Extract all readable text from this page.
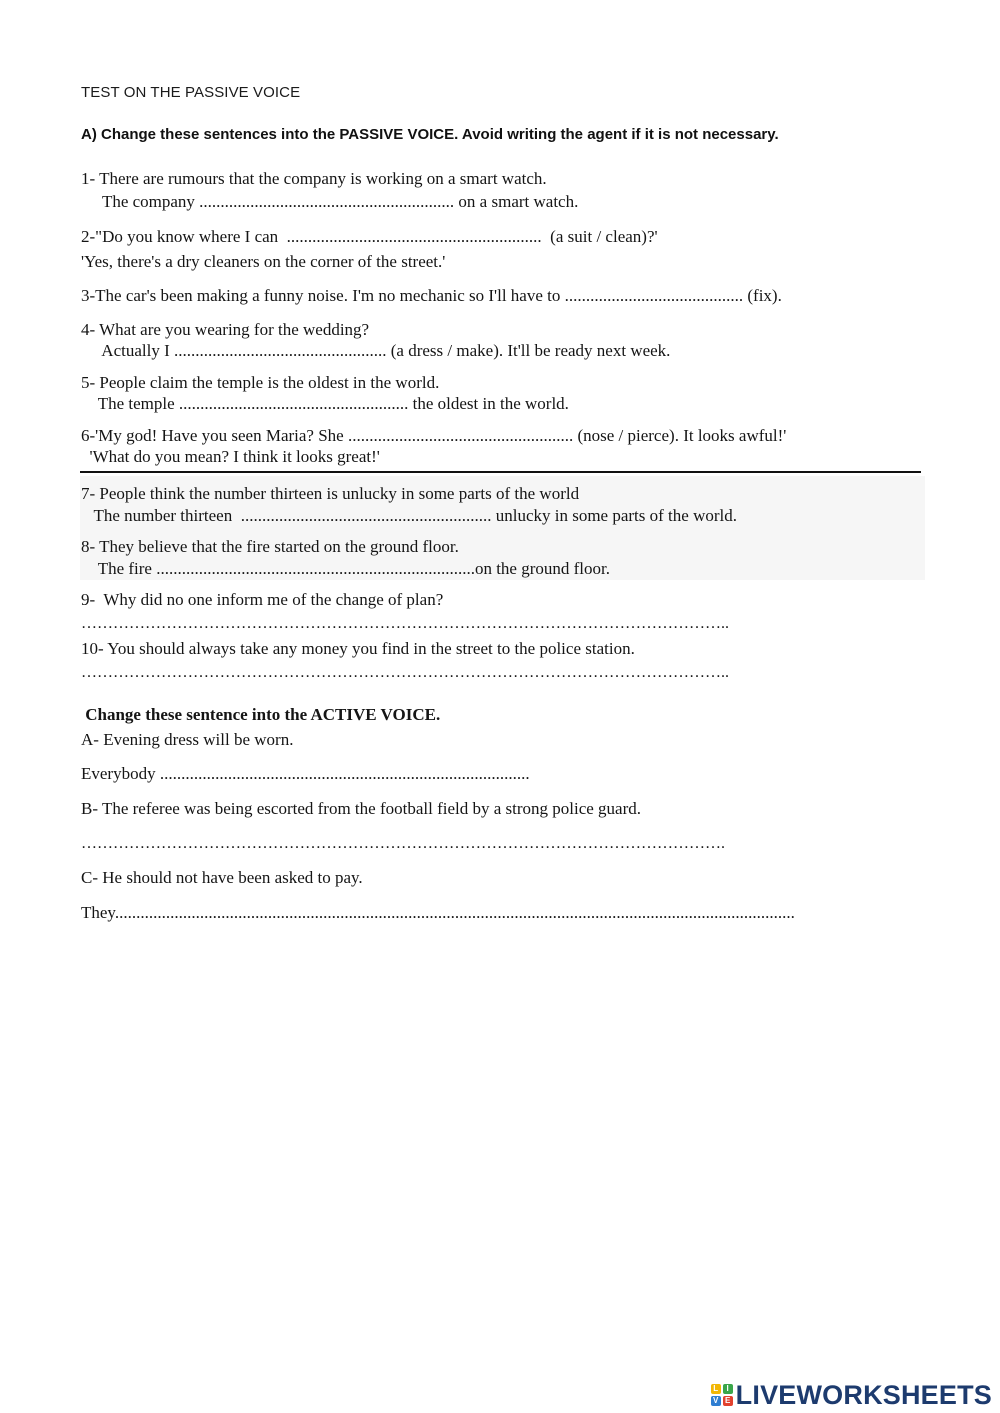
TEST ON THE PASSIVE VOICE
A) Change these sentences into the PASSIVE VOICE. Avoid writing the agent if it is not necessary.
1- There are rumours that the company is working on a smart watch.
The company ............................................................ on a smart watch.
2-"Do you know where I can  ............................................................  (a suit / clean)?'
'Yes, there's a dry cleaners on the corner of the street.'
3-The car's been making a funny noise. I'm no mechanic so I'll have to .......................................... (fix).
4- What are you wearing for the wedding?
Actually I .................................................. (a dress / make). It'll be ready next week.
5- People claim the temple is the oldest in the world.
The temple ...................................................... the oldest in the world.
6-'My god! Have you seen Maria? She ..................................................... (nose / pierce). It looks awful!'
'What do you mean? I think it looks great!'
7- People think the number thirteen is unlucky in some parts of the world
The number thirteen  ........................................................... unlucky in some parts of the world.
8- They believe that the fire started on the ground floor.
The fire ...........................................................................on the ground floor.
9-  Why did no one inform me of the change of plan?
…………………………………………………………………………………………………………..
10- You should always take any money you find in the street to the police station.
…………………………………………………………………………………………………………..
Change these sentence into the ACTIVE VOICE.
A- Evening dress will be worn.
Everybody .......................................................................................
B- The referee was being escorted from the football field by a strong police guard.
………………………………………………………………………………………………………….
C- He should not have been asked to pay.
They................................................................................................................................................................
L	I
V E LIVEWORKSHEETS
